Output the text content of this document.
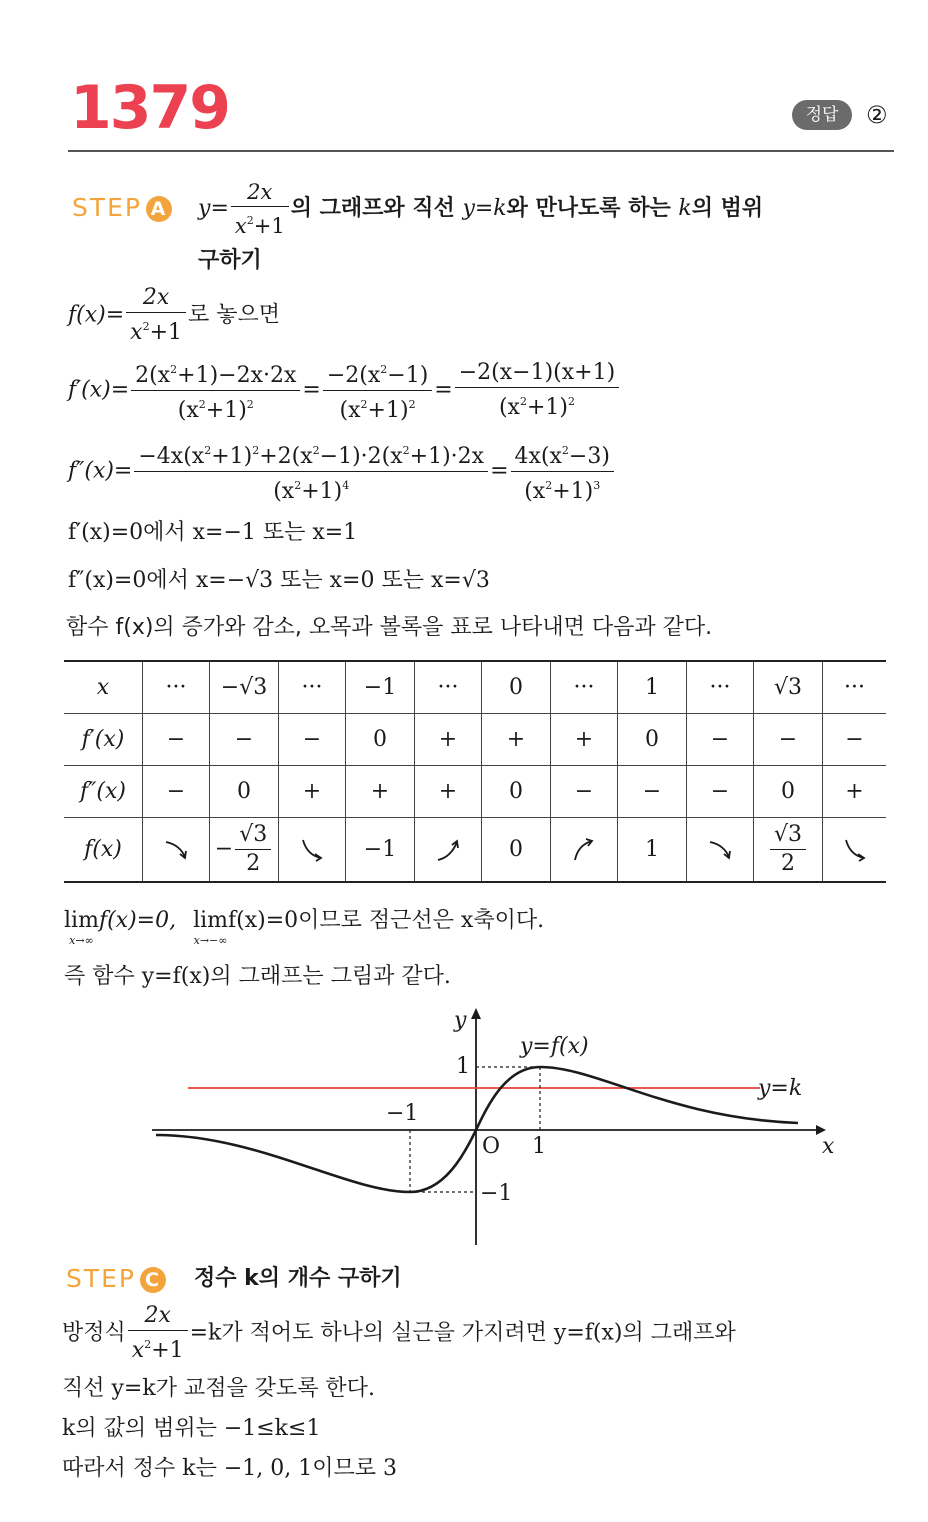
1379	정답	②
STEP A $y= \frac{2x}{x^2+1}$ 의 그래프와 직선 y=k와 만나도록 하는 k의 범위
구하기
$f(x)= \frac{2x}{x^2+1}$ 로 놓으면
$f'(x)= \frac{2(x^2+1)-2x\cdot 2x}{(x^2+1)^2} = \frac{-2(x^2-1)}{(x^2+1)^2} = \frac{-2(x-1)(x+1)}{(x^2+1)^2}$
$f''(x)= \frac{-4x(x^2+1)^2+2(x^2-1)\cdot 2(x^2+1)\cdot 2x}{(x^2+1)^4} = \frac{4x(x^2-3)}{(x^2+1)^3}$
f′(x)=0에서 x=−1 또는 x=1
f″(x)=0에서 x=−√3 또는 x=0 또는 x=√3
함수 f(x)의 증가와 감소, 오목과 볼록을 표로 나타내면 다음과 같다.
x	···	−√3	···	−1	···	0	···	1	···	√3	···
f′(x)	−	−	−	0	+	+	+	0	−	−	−
f″(x)	−	0	+	+	+	0	−	−	−	0	+
f(x)		− $\frac{√3}{2}$		−1		0		1		$\frac{√3}{2}$

lim
x→∞
f(x)=0, lim
x→−∞
f(x)=0이므로 점근선은 x축이다.
즉 함수 y=f(x)의 그래프는 그림과 같다.
y
x
O
1
1
−1
−1
y=f(x)
y=k
STEP C 정수 k의 개수 구하기
방정식 $\frac{2x}{x^2+1} =k$가 적어도 하나의 실근을 가지려면 y=f(x)의 그래프와
직선 y=k가 교점을 갖도록 한다.
k의 값의 범위는 −1≤k≤1
따라서 정수 k는 −1, 0, 1이므로 3
